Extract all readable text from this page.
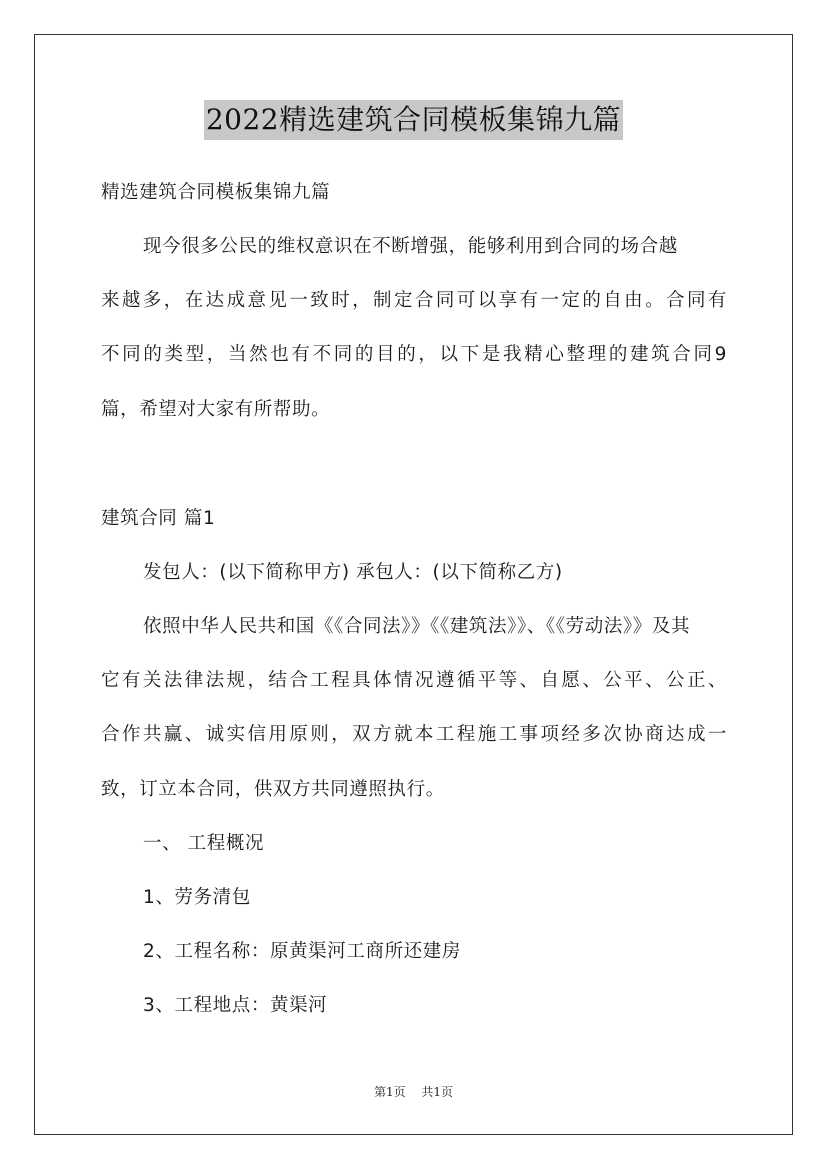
2022精选建筑合同模板集锦九篇
精选建筑合同模板集锦九篇
现今很多公民的维权意识在不断增强，能够利用到合同的场合越
来越多，在达成意见一致时，制定合同可以享有一定的自由。合同有
不同的类型，当然也有不同的目的，以下是我精心整理的建筑合同9
篇，希望对大家有所帮助。
建筑合同 篇1
发包人：(以下简称甲方) 承包人：(以下简称乙方)
依照中华人民共和国《《合同法》》《《建筑法》》、《《劳动法》》及其
它有关法律法规，结合工程具体情况遵循平等、自愿、公平、公正、
合作共赢、诚实信用原则，双方就本工程施工事项经多次协商达成一
致，订立本合同，供双方共同遵照执行。
一、 工程概况
1、劳务清包
2、工程名称：原黄渠河工商所还建房
3、工程地点：黄渠河
第1页 共1页
